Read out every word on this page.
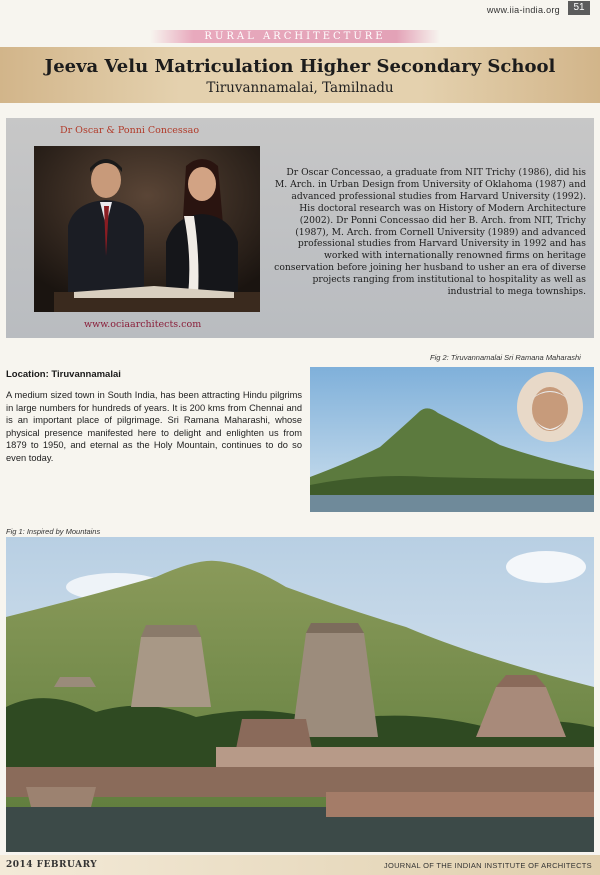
www.iia-india.org	51
RURAL ARCHITECTURE
Jeeva Velu Matriculation Higher Secondary School
Tiruvannamalai, Tamilnadu
Dr Oscar & Ponni Concessao
www.ociaarchitects.com
Dr Oscar Concessao, a graduate from NIT Trichy (1986), did his M. Arch. in Urban Design from University of Oklahoma (1987) and advanced professional studies from Harvard University (1992). His doctoral research was on History of Modern Architecture (2002). Dr Ponni Concessao did her B. Arch. from NIT, Trichy (1987), M. Arch. from Cornell University (1989) and advanced professional studies from Harvard University in 1992 and has worked with internationally renowned firms on heritage conservation before joining her husband to usher an era of diverse projects ranging from institutional to hospitality as well as industrial to mega townships.
Fig 2: Tiruvannamalai Sri Ramana Maharashi
Location: Tiruvannamalai
A medium sized town in South India, has been attracting Hindu pilgrims in large numbers for hundreds of years. It is 200 kms from Chennai and is an important place of pilgrimage. Sri Ramana Maharashi, whose physical presence manifested here to delight and enlighten us from 1879 to 1950, and eternal as the Holy Mountain, continues to do so even today.
Fig 1: Inspired by Mountains
2014 FEBRUARY	JOURNAL OF THE INDIAN INSTITUTE OF ARCHITECTS
